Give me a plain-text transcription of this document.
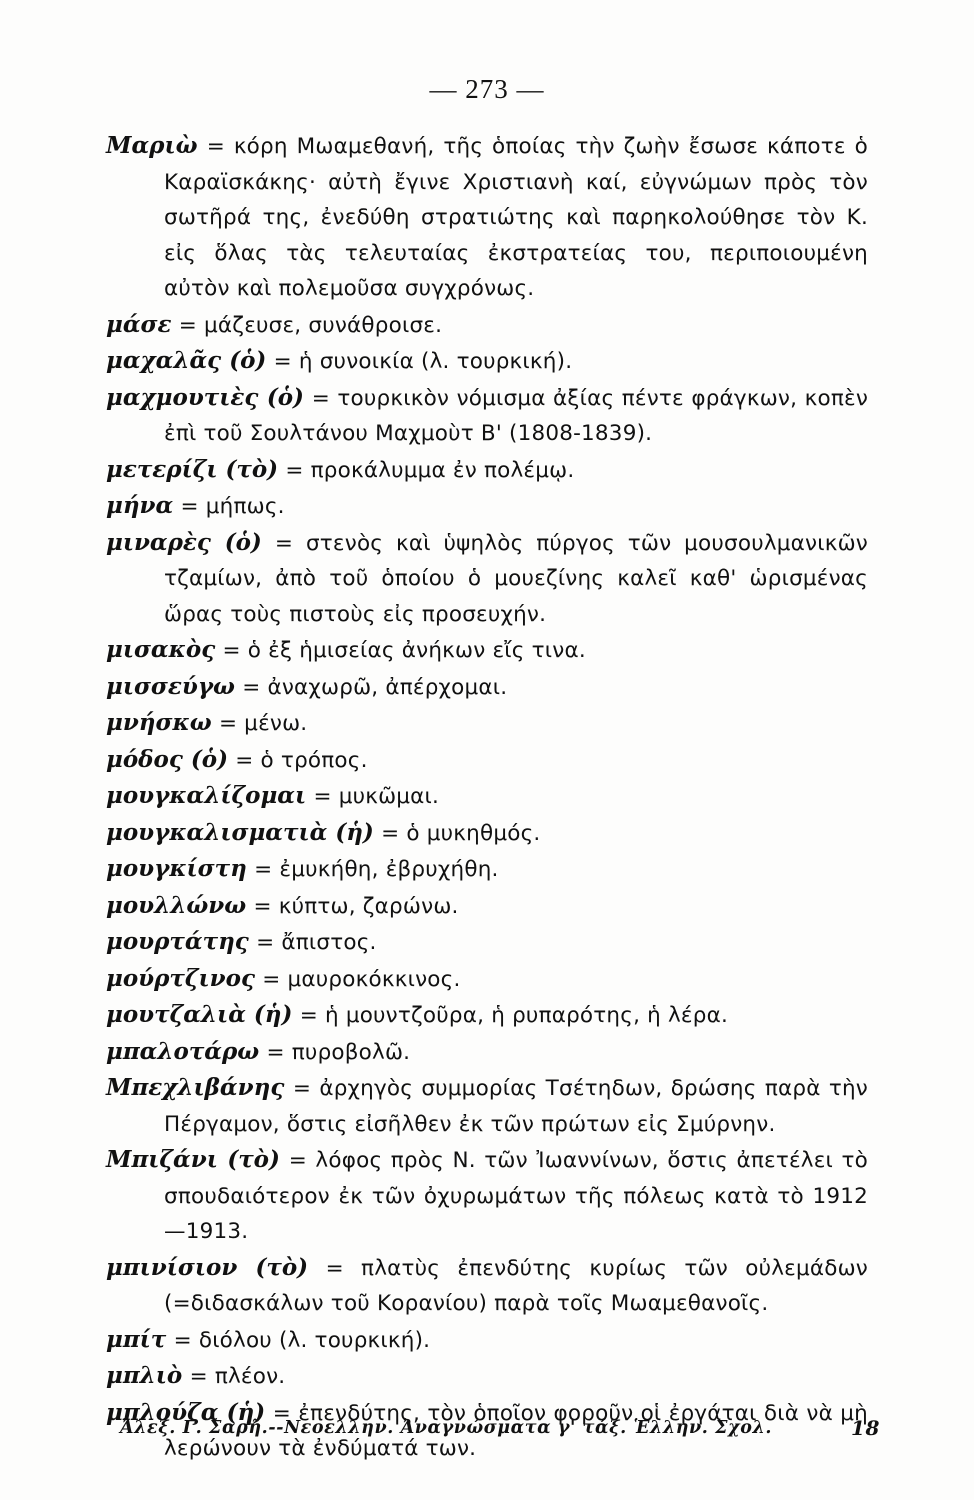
— 273 —

Μαριὼ = κόρη Μωαμεθανή, τῆς ὁποίας τὴν ζωὴν ἔσωσε κάποτε ὁ Καραϊσκάκης· αὐτὴ ἔγινε Χριστιανὴ καί, εὐγνώμων πρὸς τὸν σωτῆρά της, ἐνεδύθη στρατιώτης καὶ παρηκολούθησε τὸν Κ. εἰς ὅλας τὰς τελευταίας ἐκστρατείας του, περιποιουμένη αὐτὸν καὶ πολεμοῦσα συγχρόνως.

μάσε = μάζευσε, συνάθροισε.

μαχαλᾶς (ὁ) = ἡ συνοικία (λ. τουρκική).

μαχμουτιὲς (ὁ) = τουρκικὸν νόμισμα ἀξίας πέντε φράγκων, κοπὲν ἐπὶ τοῦ Σουλτάνου Μαχμοὺτ Β' (1808-1839).

μετερίζι (τὸ) = προκάλυμμα ἐν πολέμῳ.

μήνα = μήπως.

μιναρὲς (ὁ) = στενὸς καὶ ὑψηλὸς πύργος τῶν μουσουλμανικῶν τζαμίων, ἀπὸ τοῦ ὁποίου ὁ μουεζίνης καλεῖ καθ' ὡρισμένας ὥρας τοὺς πιστοὺς εἰς προσευχήν.

μισακὸς = ὁ ἐξ ἡμισείας ἀνήκων εἴς τινα.

μισσεύγω = ἀναχωρῶ, ἀπέρχομαι.

μνήσκω = μένω.

μόδος (ὁ) = ὁ τρόπος.

μουγκαλίζομαι = μυκῶμαι.

μουγκαλισματιὰ (ἡ) = ὁ μυκηθμός.

μουγκίστη = ἐμυκήθη, ἐβρυχήθη.

μουλλώνω = κύπτω, ζαρώνω.

μουρτάτης = ἄπιστος.

μούρτζινος = μαυροκόκκινος.

μουτζαλιὰ (ἡ) = ἡ μουντζοῦρα, ἡ ρυπαρότης, ἡ λέρα.

μπαλοτάρω = πυροβολῶ.

Μπεχλιβάνης = ἀρχηγὸς συμμορίας Τσέτηδων, δρώσης παρὰ τὴν Πέργαμον, ὅστις εἰσῆλθεν ἐκ τῶν πρώτων εἰς Σμύρνην.

Μπιζάνι (τὸ) = λόφος πρὸς Ν. τῶν Ἰωαννίνων, ὅστις ἀπετέλει τὸ σπουδαιότερον ἐκ τῶν ὀχυρωμάτων τῆς πόλεως κατὰ τὸ 1912—1913.

μπινίσιον (τὸ) = πλατὺς ἐπενδύτης κυρίως τῶν οὐλεμάδων (=διδασκάλων τοῦ Κορανίου) παρὰ τοῖς Μωαμεθανοῖς.

μπίτ = διόλου (λ. τουρκική).

μπλιὸ = πλέον.

μπλούζα (ἡ) = ἐπενδύτης, τὸν ὁποῖον φοροῦν οἱ ἐργάται διὰ νὰ μὴ λερώνουν τὰ ἐνδύματά των.

Ἀλεξ. Γ. Σαρῆ.--Νεοελλην. Ἀναγνώσματα γ' τάξ. Ἑλλην. Σχολ.	18
